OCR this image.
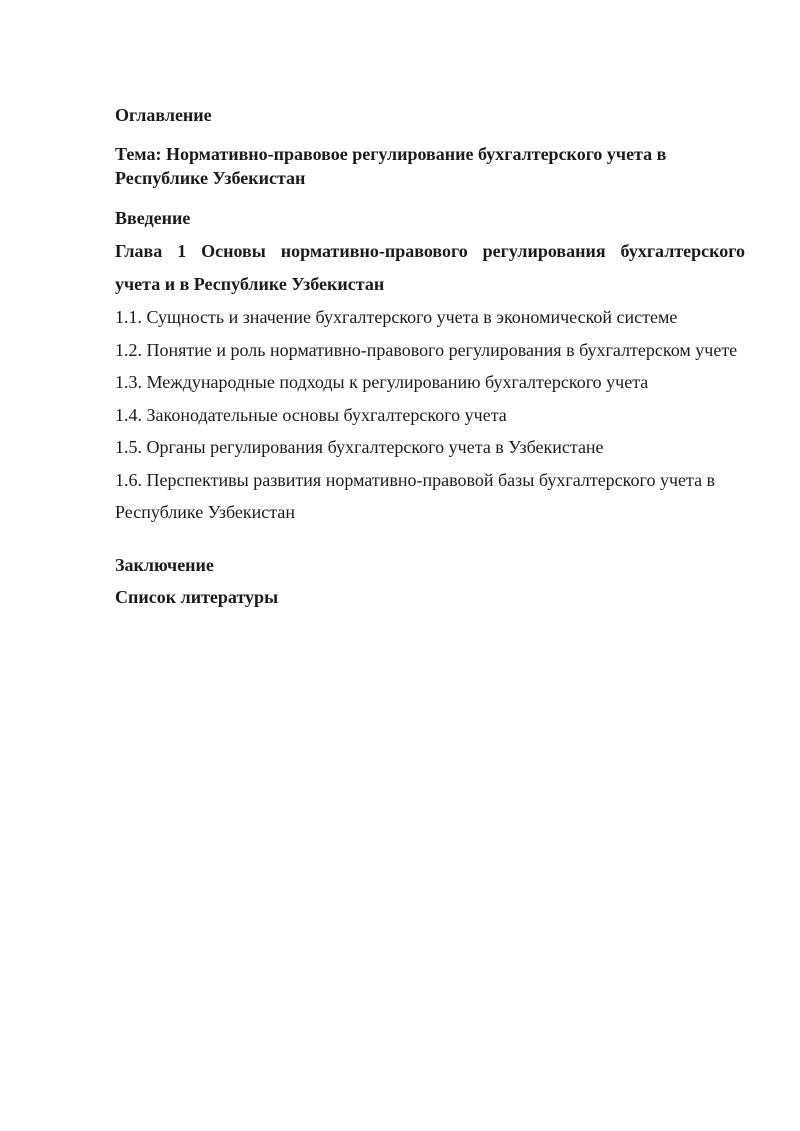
Оглавление
Тема: Нормативно-правовое регулирование бухгалтерского учета в Республике Узбекистан
Введение
Глава 1 Основы нормативно-правового регулирования бухгалтерского
учета и в Республике Узбекистан

1.1. Сущность и значение бухгалтерского учета в экономической системе

1.2. Понятие и роль нормативно-правового регулирования в бухгалтерском учете

1.3. Международные подходы к регулированию бухгалтерского учета

1.4. Законодательные основы бухгалтерского учета

1.5. Органы регулирования бухгалтерского учета в Узбекистане

1.6. Перспективы развития нормативно-правовой базы бухгалтерского учета в Республике Узбекистан

Заключение
Список литературы
